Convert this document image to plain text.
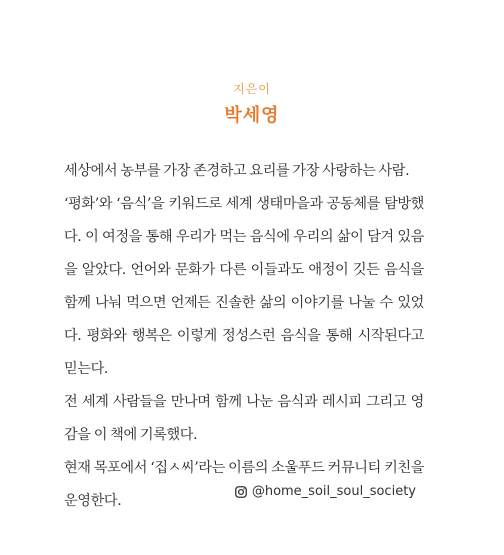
지은이
박세영

세상에서 농부를 가장 존경하고 요리를 가장 사랑하는 사람.

‘평화’와 ‘음식’을 키워드로 세계 생태마을과 공동체를 탐방했다. 이 여정을 통해 우리가 먹는 음식에 우리의 삶이 담겨 있음을 알았다. 언어와 문화가 다른 이들과도 애정이 깃든 음식을 함께 나눠 먹으면 언제든 진솔한 삶의 이야기를 나눌 수 있었다. 평화와 행복은 이렇게 정성스런 음식을 통해 시작된다고 믿는다.

전 세계 사람들을 만나며 함께 나눈 음식과 레시피 그리고 영감을 이 책에 기록했다.

현재 목포에서 ‘집ㅅ씨’라는 이름의 소울푸드 커뮤니티 키친을 운영한다.

@home_soil_soul_society
